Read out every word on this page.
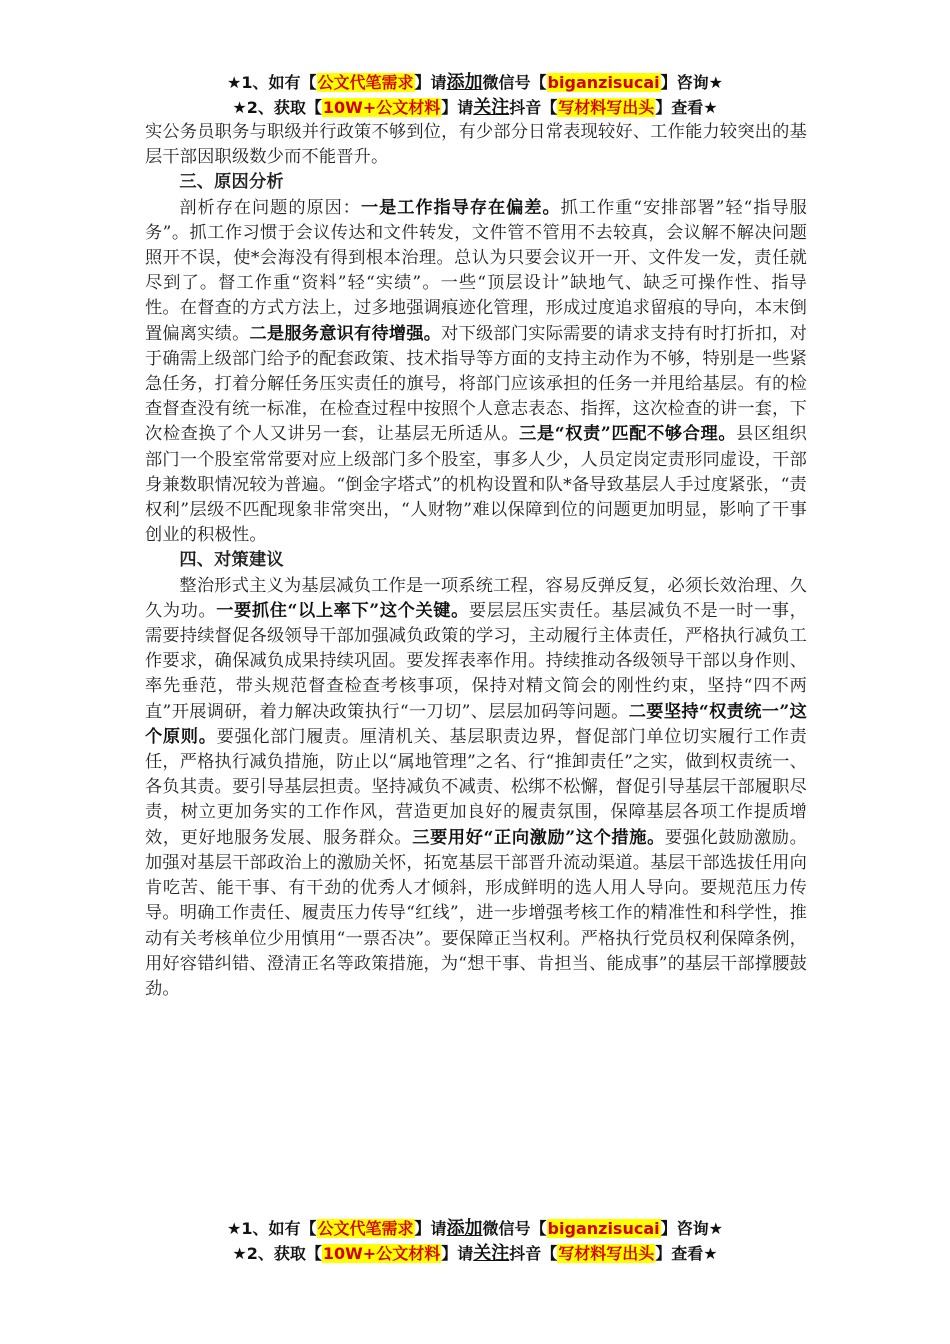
★1、如有【公文代笔需求】请添加微信号【biganzisucai】咨询★
★2、获取【10W+公文材料】请关注抖音【写材料写出头】查看★

实公务员职务与职级并行政策不够到位，有少部分日常表现较好、工作能力较突出的基层干部因职级数少而不能晋升。

三、原因分析

剖析存在问题的原因：一是工作指导存在偏差。抓工作重“安排部署”轻“指导服务”。抓工作习惯于会议传达和文件转发，文件管不管用不去较真，会议解不解决问题照开不误，使*会海没有得到根本治理。总认为只要会议开一开、文件发一发，责任就尽到了。督工作重“资料”轻“实绩”。一些“顶层设计”缺地气、缺乏可操作性、指导性。在督查的方式方法上，过多地强调痕迹化管理，形成过度追求留痕的导向，本末倒置偏离实绩。二是服务意识有待增强。对下级部门实际需要的请求支持有时打折扣，对于确需上级部门给予的配套政策、技术指导等方面的支持主动作为不够，特别是一些紧急任务，打着分解任务压实责任的旗号，将部门应该承担的任务一并甩给基层。有的检查督查没有统一标准，在检查过程中按照个人意志表态、指挥，这次检查的讲一套，下次检查换了个人又讲另一套，让基层无所适从。三是“权责”匹配不够合理。县区组织部门一个股室常常要对应上级部门多个股室，事多人少，人员定岗定责形同虚设，干部身兼数职情况较为普遍。“倒金字塔式”的机构设置和队*备导致基层人手过度紧张，“责权利”层级不匹配现象非常突出，“人财物”难以保障到位的问题更加明显，影响了干事创业的积极性。

四、对策建议

整治形式主义为基层减负工作是一项系统工程，容易反弹反复，必须长效治理、久久为功。一要抓住“以上率下”这个关键。要层层压实责任。基层减负不是一时一事，需要持续督促各级领导干部加强减负政策的学习，主动履行主体责任，严格执行减负工作要求，确保减负成果持续巩固。要发挥表率作用。持续推动各级领导干部以身作则、率先垂范，带头规范督查检查考核事项，保持对精文简会的刚性约束，坚持“四不两直”开展调研，着力解决政策执行“一刀切”、层层加码等问题。二要坚持“权责统一”这个原则。要强化部门履责。厘清机关、基层职责边界，督促部门单位切实履行工作责任，严格执行减负措施，防止以“属地管理”之名、行“推卸责任”之实，做到权责统一、各负其责。要引导基层担责。坚持减负不减责、松绑不松懈，督促引导基层干部履职尽责，树立更加务实的工作作风，营造更加良好的履责氛围，保障基层各项工作提质增效，更好地服务发展、服务群众。三要用好“正向激励”这个措施。要强化鼓励激励。加强对基层干部政治上的激励关怀，拓宽基层干部晋升流动渠道。基层干部选拔任用向肯吃苦、能干事、有干劲的优秀人才倾斜，形成鲜明的选人用人导向。要规范压力传导。明确工作责任、履责压力传导“红线”，进一步增强考核工作的精准性和科学性，推动有关考核单位少用慎用“一票否决”。要保障正当权利。严格执行党员权利保障条例，用好容错纠错、澄清正名等政策措施，为“想干事、肯担当、能成事”的基层干部撑腰鼓劲。

★1、如有【公文代笔需求】请添加微信号【biganzisucai】咨询★
★2、获取【10W+公文材料】请关注抖音【写材料写出头】查看★
